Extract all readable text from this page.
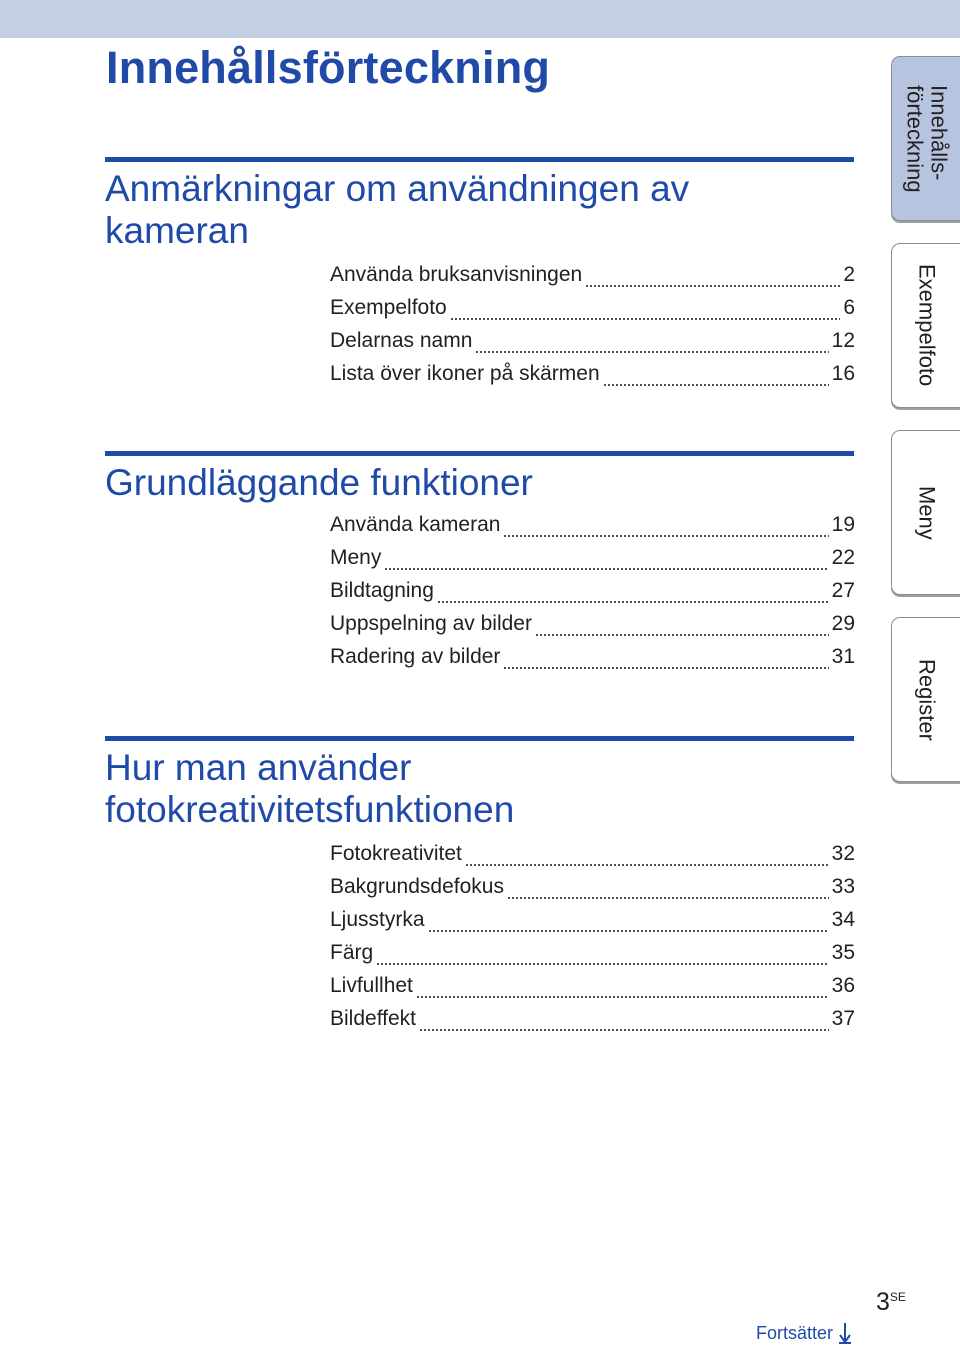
Innehållsförteckning
Anmärkningar om användningen av kameran
Använda bruksanvisningen	2
Exempelfoto	6
Delarnas namn	12
Lista över ikoner på skärmen	16
Grundläggande funktioner
Använda kameran	19
Meny	22
Bildtagning	27
Uppspelning av bilder	29
Radering av bilder	31
Hur man använder fotokreativitetsfunktionen
Fotokreativitet	32
Bakgrundsdefokus	33
Ljusstyrka	34
Färg	35
Livfullhet	36
Bildeffekt	37
Innehålls-
förteckning
Exempelfoto
Meny
Register
$3^{SE}$
Fortsätter
